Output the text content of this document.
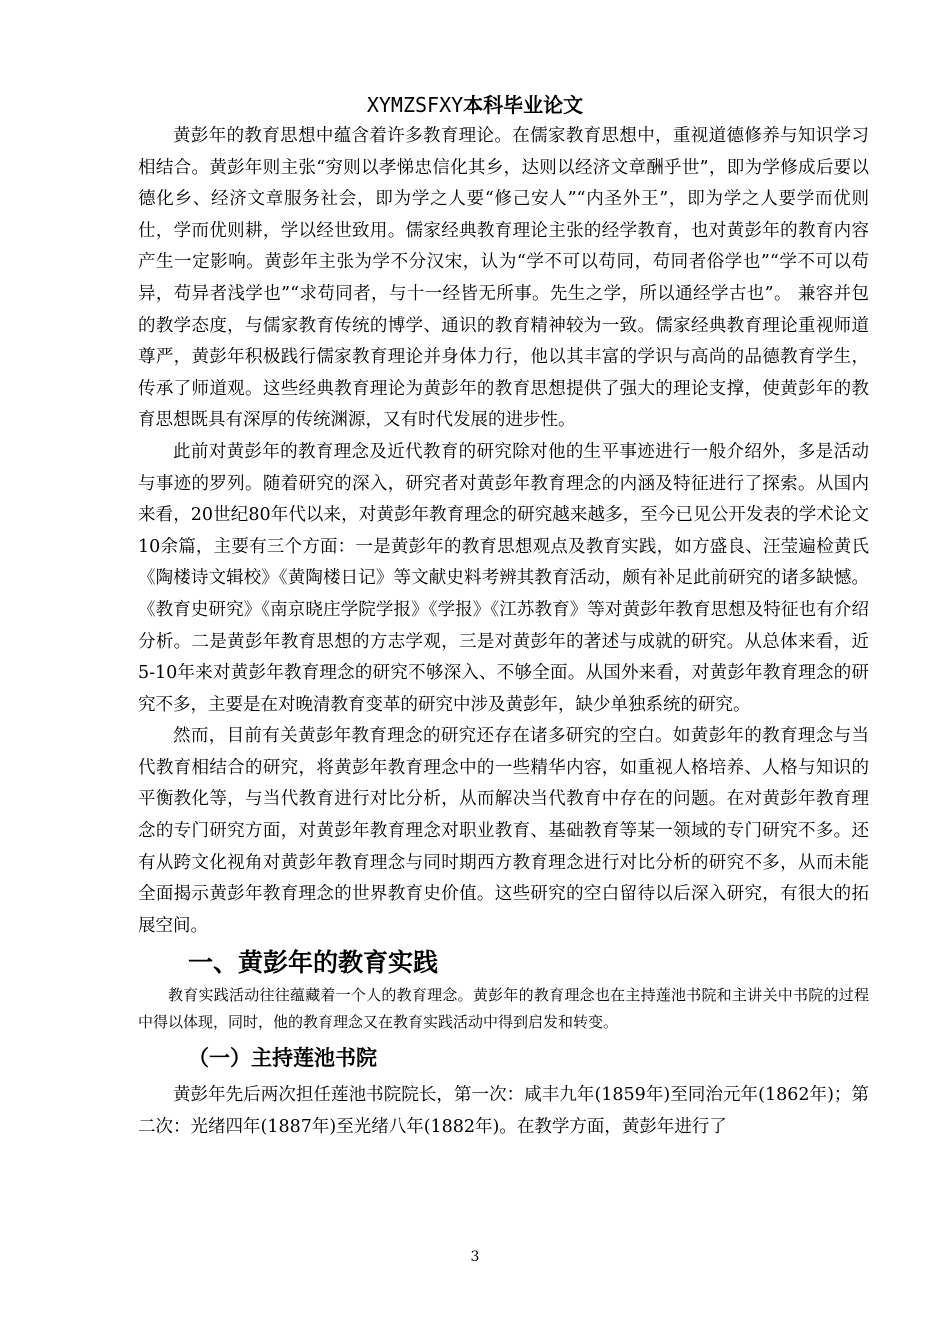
XYMZSFXY本科毕业论文

黄彭年的教育思想中蕴含着许多教育理论。在儒家教育思想中，重视道德修养与知识学习相结合。黄彭年则主张“穷则以孝悌忠信化其乡，达则以经济文章酬乎世”，即为学修成后要以德化乡、经济文章服务社会，即为学之人要“修己安人”“内圣外王”，即为学之人要学而优则仕，学而优则耕，学以经世致用。儒家经典教育理论主张的经学教育，也对黄彭年的教育内容产生一定影响。黄彭年主张为学不分汉宋，认为“学不可以苟同，苟同者俗学也”“学不可以苟异，苟异者浅学也”“求苟同者，与十一经皆无所事。先生之学，所以通经学古也”。 兼容并包的教学态度，与儒家教育传统的博学、通识的教育精神较为一致。儒家经典教育理论重视师道尊严，黄彭年积极践行儒家教育理论并身体力行，他以其丰富的学识与高尚的品德教育学生，传承了师道观。这些经典教育理论为黄彭年的教育思想提供了强大的理论支撑，使黄彭年的教育思想既具有深厚的传统渊源，又有时代发展的进步性。

此前对黄彭年的教育理念及近代教育的研究除对他的生平事迹进行一般介绍外，多是活动与事迹的罗列。随着研究的深入，研究者对黄彭年教育理念的内涵及特征进行了探索。从国内来看，20世纪80年代以来，对黄彭年教育理念的研究越来越多，至今已见公开发表的学术论文10余篇，主要有三个方面：一是黄彭年的教育思想观点及教育实践，如方盛良、汪莹遍检黄氏《陶楼诗文辑校》《黄陶楼日记》等文献史料考辨其教育活动，颇有补足此前研究的诸多缺憾。《教育史研究》《南京晓庄学院学报》《学报》《江苏教育》等对黄彭年教育思想及特征也有介绍分析。二是黄彭年教育思想的方志学观，三是对黄彭年的著述与成就的研究。从总体来看，近5-10年来对黄彭年教育理念的研究不够深入、不够全面。从国外来看，对黄彭年教育理念的研究不多，主要是在对晚清教育变革的研究中涉及黄彭年，缺少单独系统的研究。

然而，目前有关黄彭年教育理念的研究还存在诸多研究的空白。如黄彭年的教育理念与当代教育相结合的研究，将黄彭年教育理念中的一些精华内容，如重视人格培养、人格与知识的平衡教化等，与当代教育进行对比分析，从而解决当代教育中存在的问题。在对黄彭年教育理念的专门研究方面，对黄彭年教育理念对职业教育、基础教育等某一领域的专门研究不多。还有从跨文化视角对黄彭年教育理念与同时期西方教育理念进行对比分析的研究不多，从而未能全面揭示黄彭年教育理念的世界教育史价值。这些研究的空白留待以后深入研究，有很大的拓展空间。

一、黄彭年的教育实践

教育实践活动往往蕴藏着一个人的教育理念。黄彭年的教育理念也在主持莲池书院和主讲关中书院的过程中得以体现，同时，他的教育理念又在教育实践活动中得到启发和转变。

（一）主持莲池书院

黄彭年先后两次担任莲池书院院长，第一次：咸丰九年(1859年)至同治元年(1862年)；第二次：光绪四年(1887年)至光绪八年(1882年)。在教学方面，黄彭年进行了

3
